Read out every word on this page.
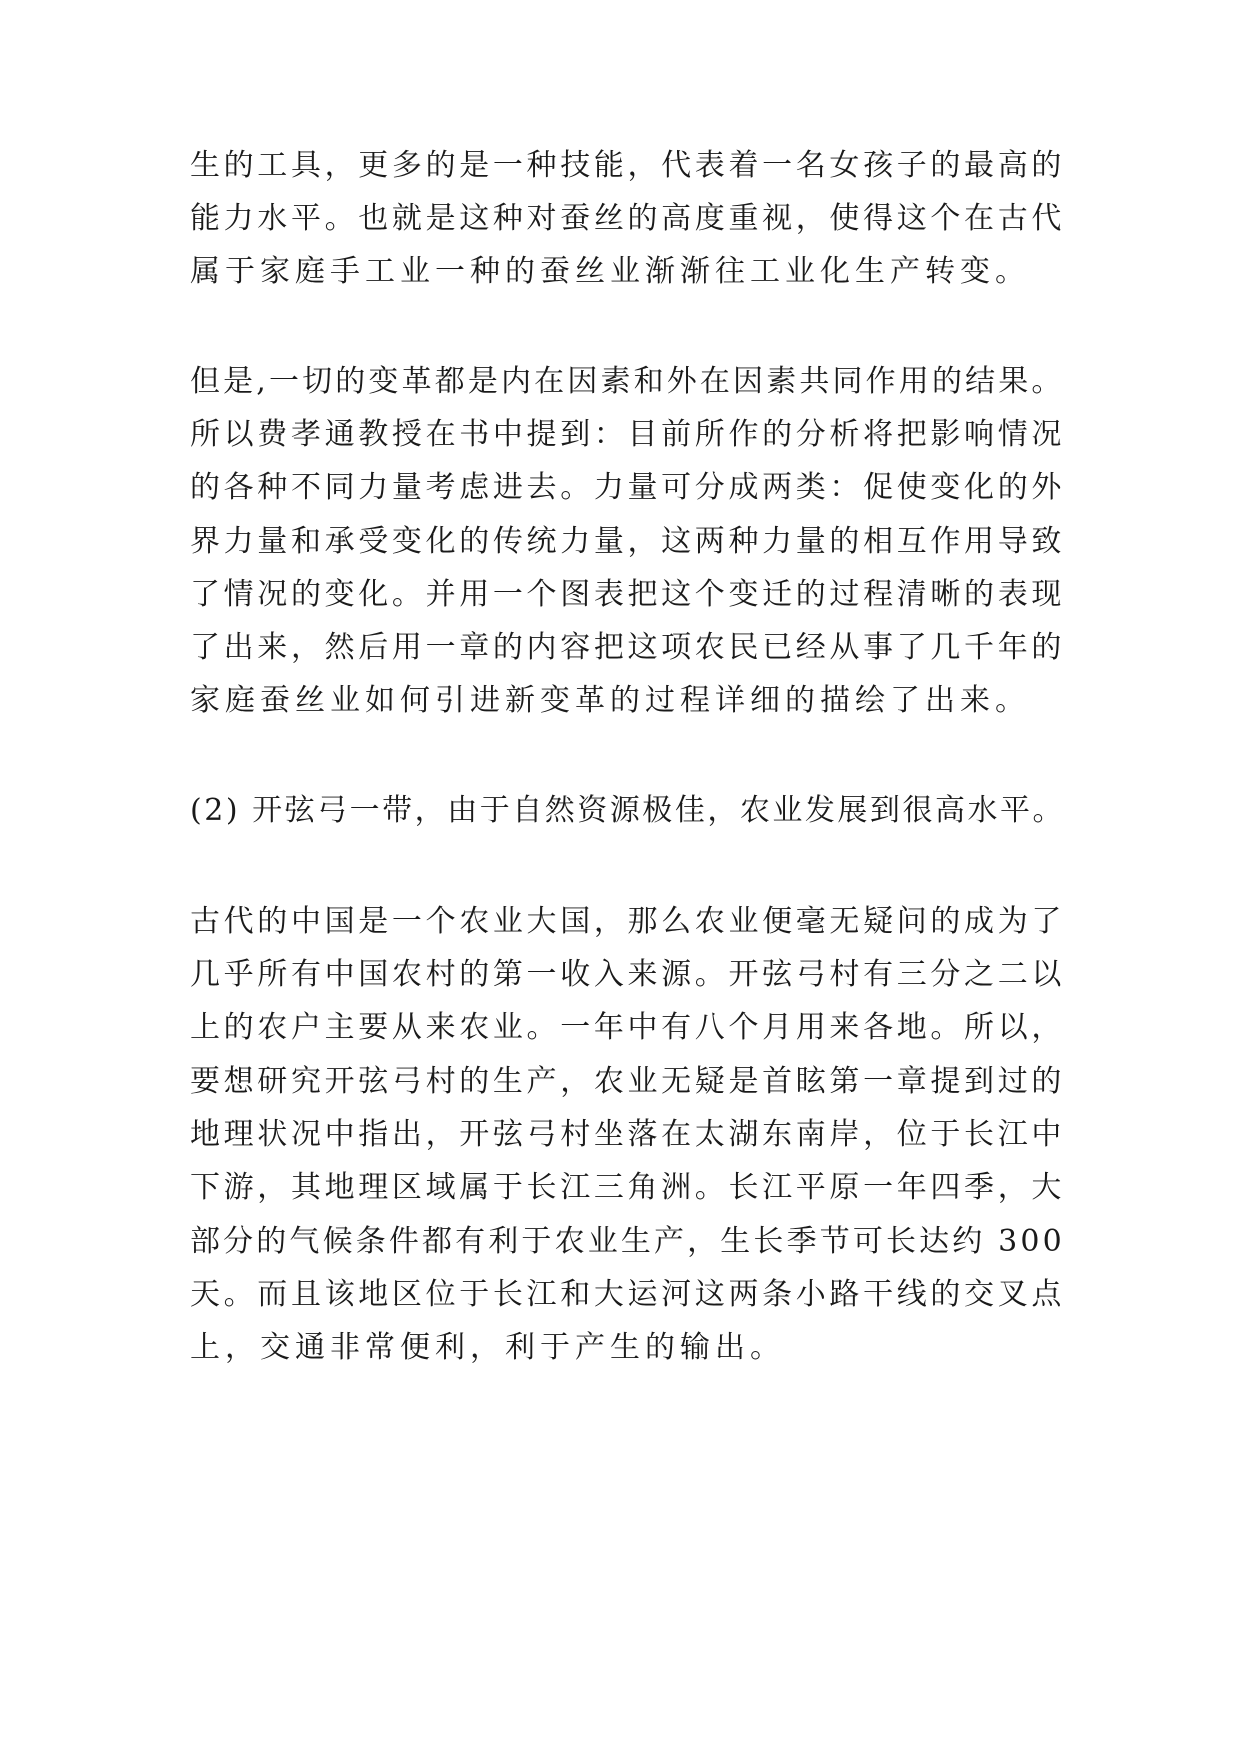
生的工具，更多的是一种技能，代表着一名女孩子的最高的
能力水平。也就是这种对蚕丝的高度重视，使得这个在古代
属于家庭手工业一种的蚕丝业渐渐往工业化生产转变。
但是,一切的变革都是内在因素和外在因素共同作用的结果。
所以费孝通教授在书中提到：目前所作的分析将把影响情况
的各种不同力量考虑进去。力量可分成两类：促使变化的外
界力量和承受变化的传统力量，这两种力量的相互作用导致
了情况的变化。并用一个图表把这个变迁的过程清晰的表现
了出来，然后用一章的内容把这项农民已经从事了几千年的
家庭蚕丝业如何引进新变革的过程详细的描绘了出来。
(2) 开弦弓一带，由于自然资源极佳，农业发展到很高水平。
古代的中国是一个农业大国，那么农业便毫无疑问的成为了
几乎所有中国农村的第一收入来源。开弦弓村有三分之二以
上的农户主要从来农业。一年中有八个月用来各地。所以，
要想研究开弦弓村的生产，农业无疑是首眩第一章提到过的
地理状况中指出，开弦弓村坐落在太湖东南岸，位于长江中
下游，其地理区域属于长江三角洲。长江平原一年四季，大
部分的气候条件都有利于农业生产，生长季节可长达约 300
天。而且该地区位于长江和大运河这两条小路干线的交叉点
上，交通非常便利，利于产生的输出。
